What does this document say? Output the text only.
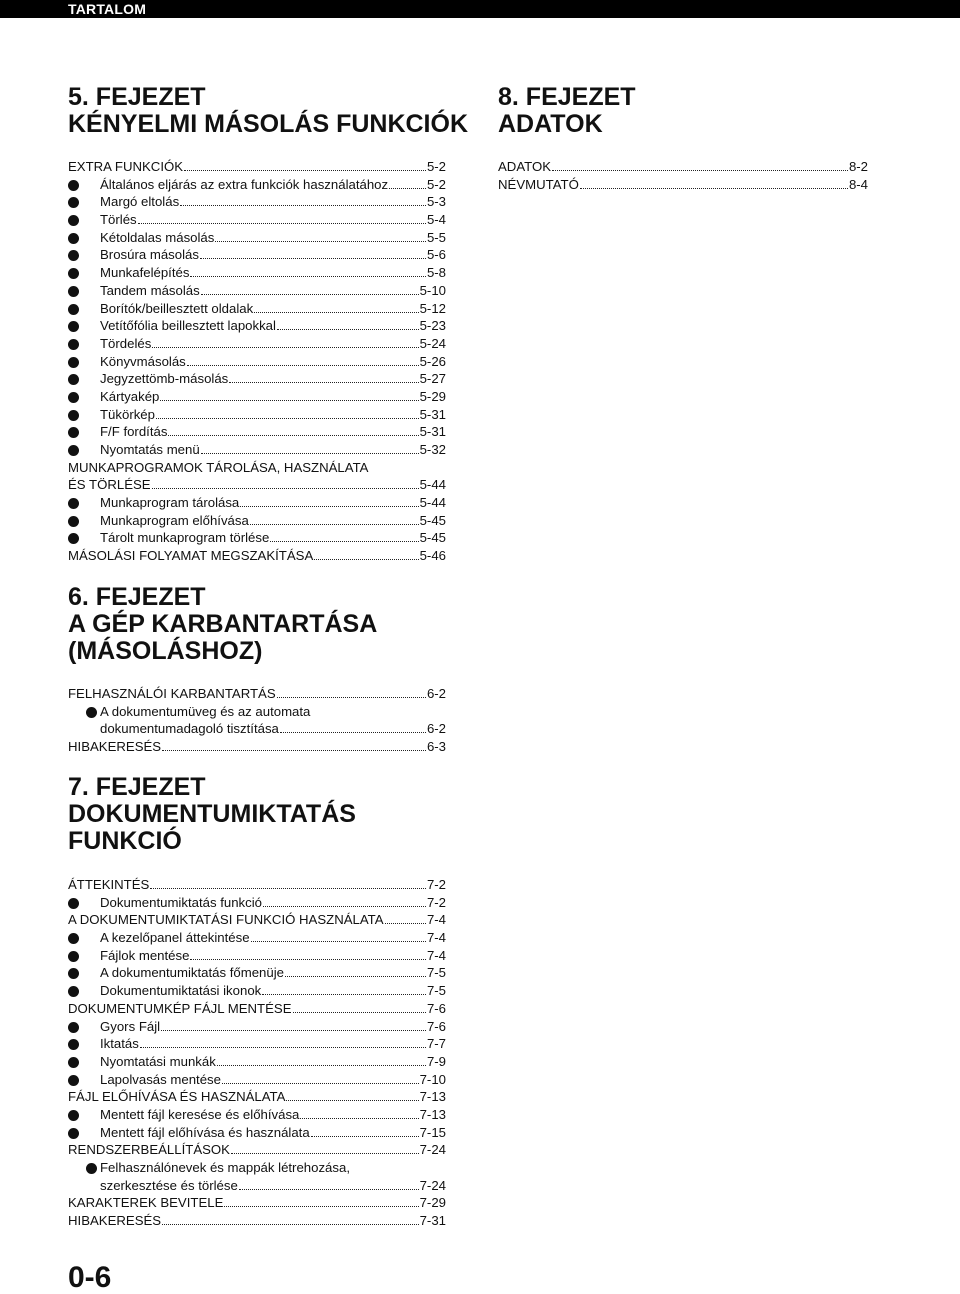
TARTALOM
5. FEJEZET
KÉNYELMI MÁSOLÁS FUNKCIÓK
EXTRA FUNKCIÓK	5-2
Általános eljárás az extra funkciók használatához	5-2
Margó eltolás	5-3
Törlés	5-4
Kétoldalas másolás	5-5
Brosúra másolás	5-6
Munkafelépítés	5-8
Tandem másolás	5-10
Borítók/beillesztett oldalak	5-12
Vetítőfólia beillesztett lapokkal	5-23
Tördelés	5-24
Könyvmásolás	5-26
Jegyzettömb-másolás	5-27
Kártyakép	5-29
Tükörkép	5-31
F/F fordítás	5-31
Nyomtatás menü	5-32
MUNKAPROGRAMOK TÁROLÁSA, HASZNÁLATA
ÉS TÖRLÉSE	5-44
Munkaprogram tárolása	5-44
Munkaprogram előhívása	5-45
Tárolt munkaprogram törlése	5-45
MÁSOLÁSI FOLYAMAT MEGSZAKÍTÁSA	5-46
6. FEJEZET
A GÉP KARBANTARTÁSA
(MÁSOLÁSHOZ)
FELHASZNÁLÓI KARBANTARTÁS	6-2
A dokumentumüveg és az automata
dokumentumadagoló tisztítása	6-2
HIBAKERESÉS	6-3
7. FEJEZET
DOKUMENTUMIKTATÁS
FUNKCIÓ
ÁTTEKINTÉS	7-2
Dokumentumiktatás funkció	7-2
A DOKUMENTUMIKTATÁSI FUNKCIÓ HASZNÁLATA	7-4
A kezelőpanel áttekintése	7-4
Fájlok mentése	7-4
A dokumentumiktatás főmenüje	7-5
Dokumentumiktatási ikonok	7-5
DOKUMENTUMKÉP FÁJL MENTÉSE	7-6
Gyors Fájl	7-6
Iktatás	7-7
Nyomtatási munkák	7-9
Lapolvasás mentése	7-10
FÁJL ELŐHÍVÁSA ÉS HASZNÁLATA	7-13
Mentett fájl keresése és előhívása	7-13
Mentett fájl előhívása és használata	7-15
RENDSZERBEÁLLÍTÁSOK	7-24
Felhasználónevek és mappák létrehozása,
szerkesztése és törlése	7-24
KARAKTEREK BEVITELE	7-29
HIBAKERESÉS	7-31
8. FEJEZET
ADATOK
ADATOK	8-2
NÉVMUTATÓ	8-4
0-6
